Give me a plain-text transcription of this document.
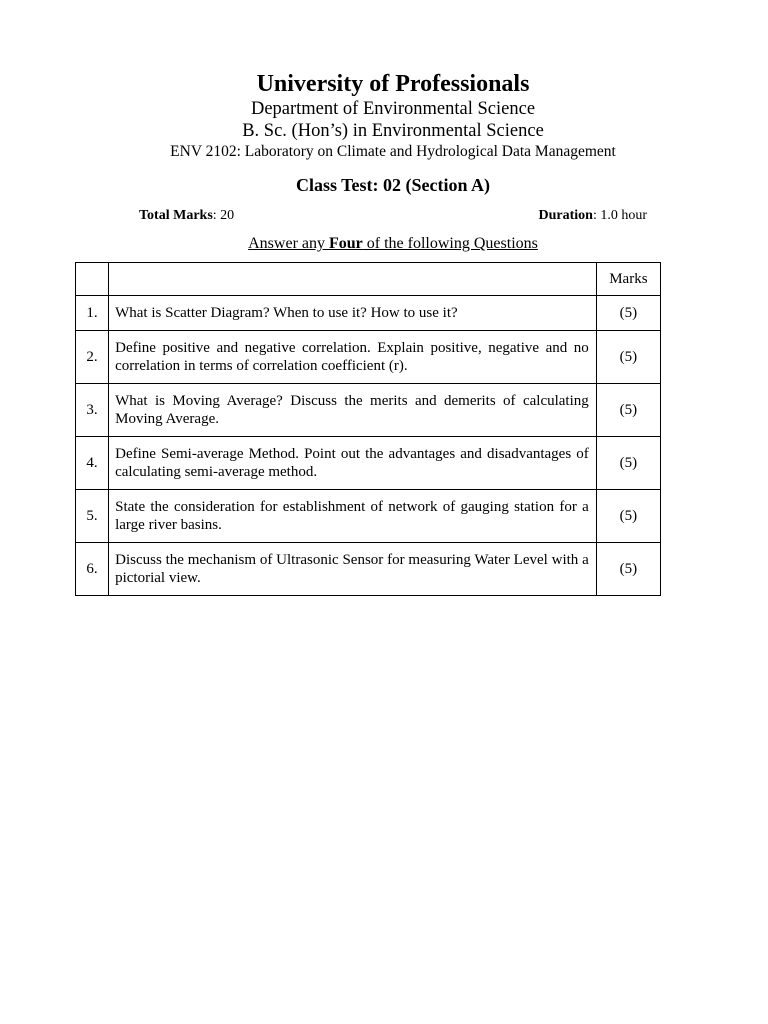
University of Professionals

Department of Environmental Science

B. Sc. (Hon’s) in Environmental Science

ENV 2102: Laboratory on Climate and Hydrological Data Management

Class Test: 02 (Section A)
Total Marks: 20	Duration: 1.0 hour
Answer any Four of the following Questions
		Marks
1.	What is Scatter Diagram? When to use it? How to use it?	(5)
2.	Define positive and negative correlation. Explain positive, negative and no correlation in terms of correlation coefficient (r).	(5)
3.	What is Moving Average? Discuss the merits and demerits of calculating Moving Average.	(5)
4.	Define Semi-average Method. Point out the advantages and disadvantages of calculating semi-average method.	(5)
5.	State the consideration for establishment of network of gauging station for a large river basins.	(5)
6.	Discuss the mechanism of Ultrasonic Sensor for measuring Water Level with a pictorial view.	(5)
